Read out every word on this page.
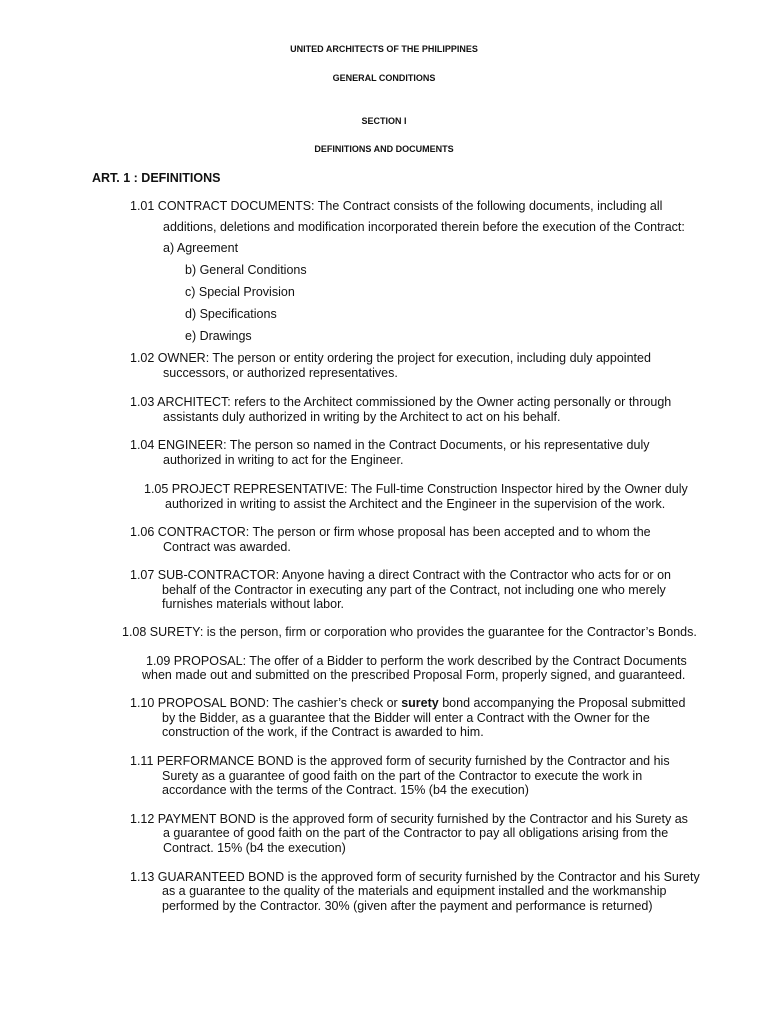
UNITED ARCHITECTS OF THE PHILIPPINES
GENERAL CONDITIONS
SECTION I
DEFINITIONS AND DOCUMENTS
ART. 1 : DEFINITIONS
1.01 CONTRACT DOCUMENTS: The Contract consists of the following documents, including all
additions, deletions and modification incorporated therein before the execution of the Contract:
a) Agreement
b) General Conditions
c) Special Provision
d) Specifications
e) Drawings
1.02 OWNER: The person or entity ordering the project for execution, including duly appointed
successors, or authorized representatives.
1.03 ARCHITECT: refers to the Architect commissioned by the Owner acting personally or through
assistants duly authorized in writing by the Architect to act on his behalf.
1.04 ENGINEER: The person so named in the Contract Documents, or his representative duly
authorized in writing to act for the Engineer.
1.05 PROJECT REPRESENTATIVE: The Full-time Construction Inspector hired by the Owner duly
authorized in writing to assist the Architect and the Engineer in the supervision of the work.
1.06 CONTRACTOR: The person or firm whose proposal has been accepted and to whom the
Contract was awarded.
1.07 SUB-CONTRACTOR: Anyone having a direct Contract with the Contractor who acts for or on
behalf of the Contractor in executing any part of the Contract, not including one who merely
furnishes materials without labor.
1.08 SURETY: is the person, firm or corporation who provides the guarantee for the Contractor’s Bonds.
1.09 PROPOSAL: The offer of a Bidder to perform the work described by the Contract Documents
when made out and submitted on the prescribed Proposal Form, properly signed, and guaranteed.
1.10 PROPOSAL BOND: The cashier’s check or surety bond accompanying the Proposal submitted
by the Bidder, as a guarantee that the Bidder will enter a Contract with the Owner for the
construction of the work, if the Contract is awarded to him.
1.11 PERFORMANCE BOND is the approved form of security furnished by the Contractor and his
Surety as a guarantee of good faith on the part of the Contractor to execute the work in
accordance with the terms of the Contract. 15% (b4 the execution)
1.12 PAYMENT BOND is the approved form of security furnished by the Contractor and his Surety as
a guarantee of good faith on the part of the Contractor to pay all obligations arising from the
Contract. 15% (b4 the execution)
1.13 GUARANTEED BOND is the approved form of security furnished by the Contractor and his Surety
as a guarantee to the quality of the materials and equipment installed and the workmanship
performed by the Contractor. 30% (given after the payment and performance is returned)
